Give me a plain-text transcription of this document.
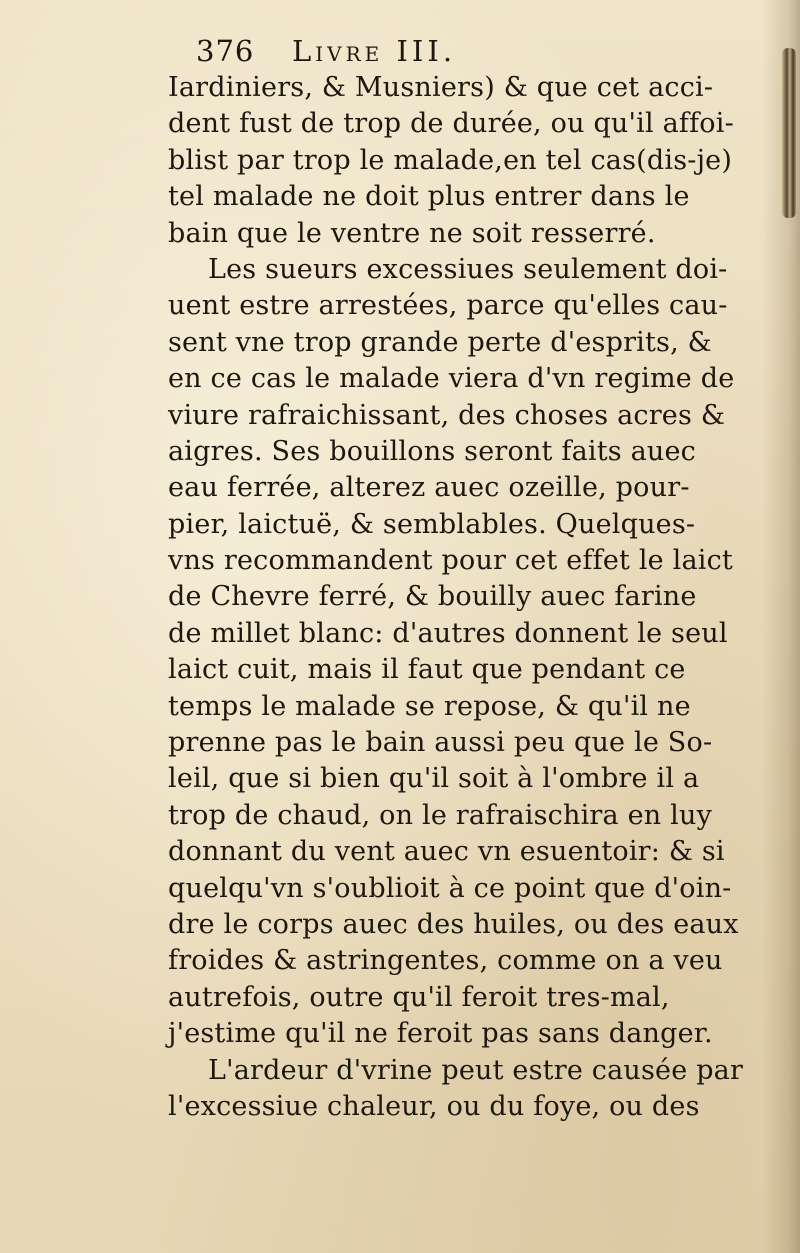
376	Livre III.
Iardiniers, & Musniers) & que cet acci-
dent fust de trop de durée, ou qu'il affoi-
blist par trop le malade,en tel cas(dis-je)
tel malade ne doit plus entrer dans le
bain que le ventre ne soit resserré.
Les sueurs excessiues seulement doi-
uent estre arrestées, parce qu'elles cau-
sent vne trop grande perte d'esprits, &
en ce cas le malade viera d'vn regime de
viure rafraichissant, des choses acres &
aigres. Ses bouillons seront faits auec
eau ferrée, alterez auec ozeille, pour-
pier, laictuë, & semblables. Quelques-
vns recommandent pour cet effet le laict
de Chevre ferré, & bouilly auec farine
de millet blanc: d'autres donnent le seul
laict cuit, mais il faut que pendant ce
temps le malade se repose, & qu'il ne
prenne pas le bain aussi peu que le So-
leil, que si bien qu'il soit à l'ombre il a
trop de chaud, on le rafraischira en luy
donnant du vent auec vn esuentoir: & si
quelqu'vn s'oublioit à ce point que d'oin-
dre le corps auec des huiles, ou des eaux
froides & astringentes, comme on a veu
autrefois, outre qu'il feroit tres-mal,
j'estime qu'il ne feroit pas sans danger.
L'ardeur d'vrine peut estre causée par
l'excessiue chaleur, ou du foye, ou des
